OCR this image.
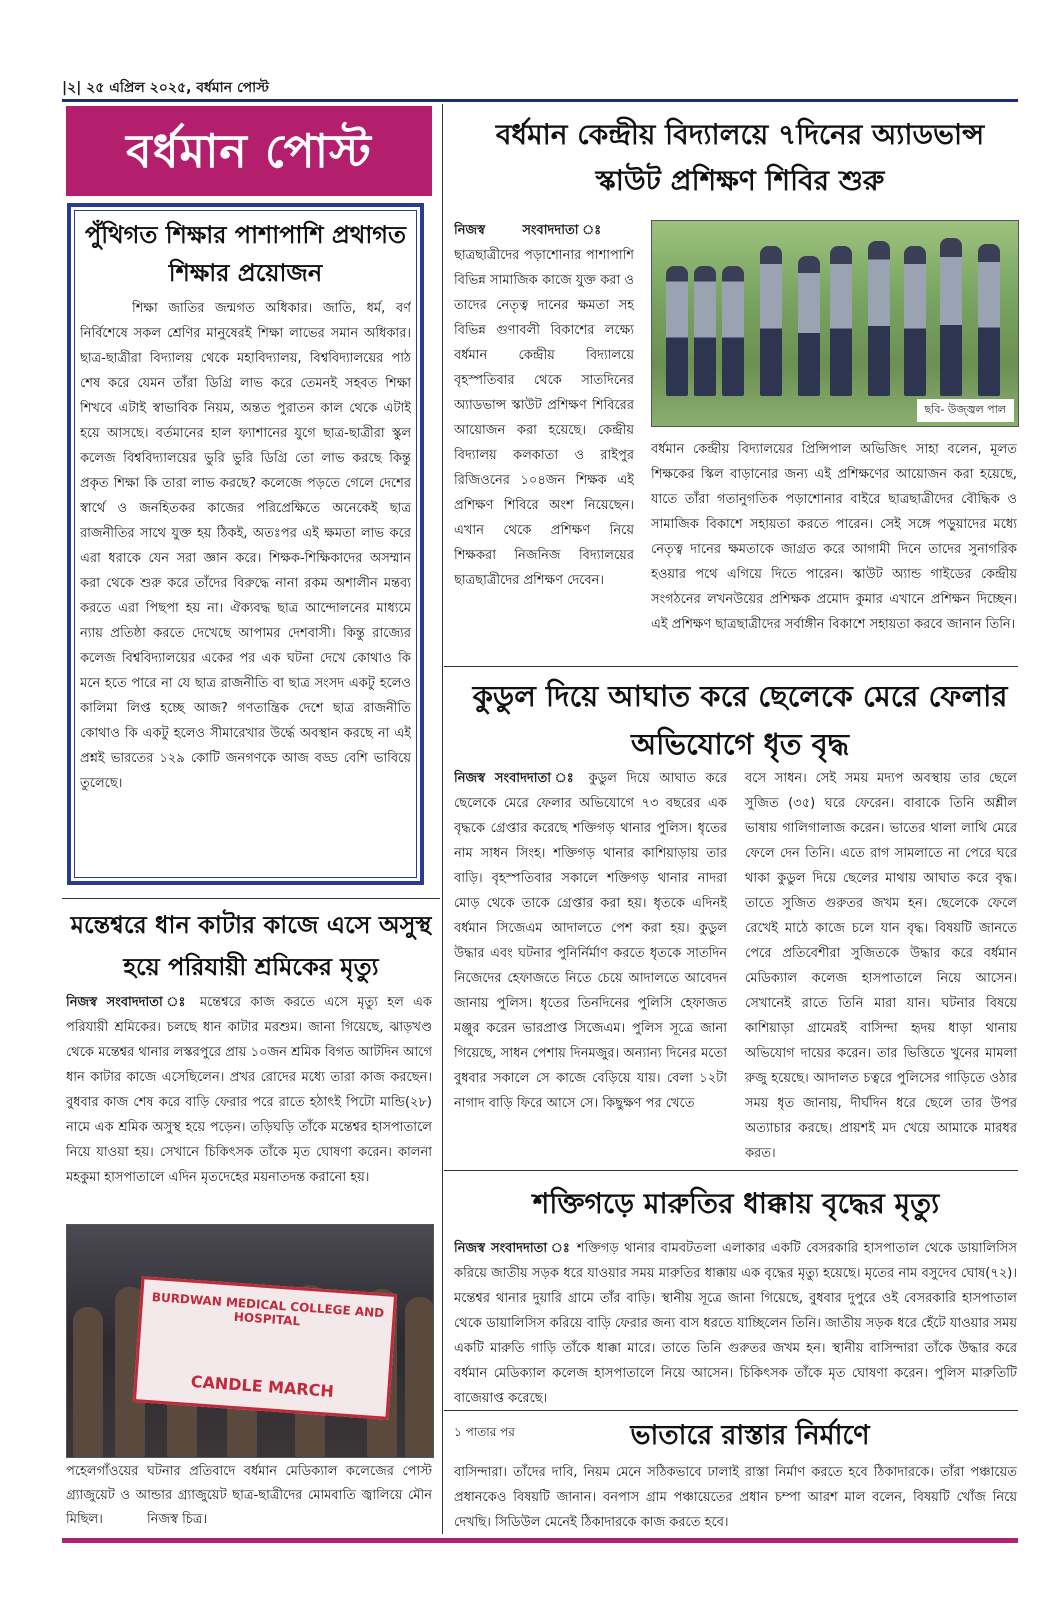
|২| ২৫ এপ্রিল ২০২৫, বর্ধমান পোস্ট
বর্ধমান পোস্ট
পুঁথিগত শিক্ষার পাশাপাশি প্রথাগত শিক্ষার প্রয়োজন

শিক্ষা জাতির জন্মগত অধিকার। জাতি, ধর্ম, বর্ণ নির্বিশেষে সকল শ্রেণির মানুষেরই শিক্ষা লাভের সমান অধিকার। ছাত্র-ছাত্রীরা বিদ্যালয় থেকে মহাবিদ্যালয়, বিশ্ববিদ্যালয়ের পাঠ শেষ করে যেমন তাঁরা ডিগ্রি লাভ করে তেমনই সহবত শিক্ষা শিখবে এটাই স্বাভাবিক নিয়ম, অন্তত পুরাতন কাল থেকে এটাই হয়ে আসছে। বর্তমানের হাল ফ্যাশানের যুগে ছাত্র-ছাত্রীরা স্কুল কলেজ বিশ্ববিদ্যালয়ের ভুরি ভুরি ডিগ্রি তো লাভ করছে কিন্তু প্রকৃত শিক্ষা কি তারা লাভ করছে? কলেজে পড়তে গেলে দেশের স্বার্থে ও জনহিতকর কাজের পরিপ্রেক্ষিতে অনেকেই ছাত্র রাজনীতির সাথে যুক্ত হয় ঠিকই, অতঃপর এই ক্ষমতা লাভ করে এরা ধরাকে যেন সরা জ্ঞান করে। শিক্ষক-শিক্ষিকাদের অসম্মান করা থেকে শুরু করে তাঁদের বিরুদ্ধে নানা রকম অশালীন মন্তব্য করতে এরা পিছপা হয় না। ঐক্যবদ্ধ ছাত্র আন্দোলনের মাধ্যমে ন্যায় প্রতিষ্ঠা করতে দেখেছে আপামর দেশবাসী। কিন্তু রাজ্যের কলেজ বিশ্ববিদ্যালয়ের একের পর এক ঘটনা দেখে কোথাও কি মনে হতে পারে না যে ছাত্র রাজনীতি বা ছাত্র সংসদ একটু হলেও কালিমা লিপ্ত হচ্ছে আজ? গণতান্ত্রিক দেশে ছাত্র রাজনীতি কোথাও কি একটু হলেও সীমারেখার উর্দ্ধে অবস্থান করছে না এই প্রশ্নই ভারতের ১২৯ কোটি জনগণকে আজ বড্ড বেশি ভাবিয়ে তুলেছে।

বর্ধমান কেন্দ্রীয় বিদ্যালয়ে ৭দিনের অ্যাডভান্স স্কাউট প্রশিক্ষণ শিবির শুরু

নিজস্ব সংবাদদাতা ঃ ছাত্রছাত্রীদের পড়াশোনার পাশাপাশি বিভিন্ন সামাজিক কাজে যুক্ত করা ও তাদের নেতৃত্ব দানের ক্ষমতা সহ বিভিন্ন গুণাবলী বিকাশের লক্ষ্যে বর্ধমান কেন্দ্রীয় বিদ্যালয়ে বৃহস্পতিবার থেকে সাতদিনের অ্যাডভান্স স্কাউট প্রশিক্ষণ শিবিরের আয়োজন করা হয়েছে। কেন্দ্রীয় বিদ্যালয় কলকাতা ও রাইপুর রিজিওনের ১০৪জন শিক্ষক এই প্রশিক্ষণ শিবিরে অংশ নিয়েছেন। এখান থেকে প্রশিক্ষণ নিয়ে শিক্ষকরা নিজনিজ বিদ্যালয়ের ছাত্রছাত্রীদের প্রশিক্ষণ দেবেন।

ছবি- উজ্জ্বল পাল

বর্ধমান কেন্দ্রীয় বিদ্যালয়ের প্রিন্সিপাল অভিজিৎ সাহা বলেন, মূলত শিক্ষকের স্কিল বাড়ানোর জন্য এই প্রশিক্ষণের আয়োজন করা হয়েছে, যাতে তাঁরা গতানুগতিক পড়াশোনার বাইরে ছাত্রছাত্রীদের বৌদ্ধিক ও সামাজিক বিকাশে সহায়তা করতে পারেন। সেই সঙ্গে পড়ুয়াদের মধ্যে নেতৃত্ব দানের ক্ষমতাকে জাগ্রত করে আগামী দিনে তাদের সুনাগরিক হওয়ার পথে এগিয়ে দিতে পারেন। স্কাউট অ্যান্ড গাইডের কেন্দ্রীয় সংগঠনের লখনউয়ের প্রশিক্ষক প্রমোদ কুমার এখানে প্রশিক্ষন দিচ্ছেন। এই প্রশিক্ষণ ছাত্রছাত্রীদের সর্বাঙ্গীন বিকাশে সহায়তা করবে জানান তিনি।

কুডুল দিয়ে আঘাত করে ছেলেকে মেরে ফেলার অভিযোগে ধৃত বৃদ্ধ

নিজস্ব সংবাদদাতা ঃ কুডুল দিয়ে আঘাত করে ছেলেকে মেরে ফেলার অভিযোগে ৭৩ বছরের এক বৃদ্ধকে গ্রেপ্তার করেছে শক্তিগড় থানার পুলিস। ধৃতের নাম সাধন সিংহ। শক্তিগড় থানার কাশিয়াড়ায় তার বাড়ি। বৃহস্পতিবার সকালে শক্তিগড় থানার নাদরা মোড় থেকে তাকে গ্রেপ্তার করা হয়। ধৃতকে এদিনই বর্ধমান সিজেএম আদালতে পেশ করা হয়। কুডুল উদ্ধার এবং ঘটনার পুনির্নির্মাণ করতে ধৃতকে সাতদিন নিজেদের হেফাজতে নিতে চেয়ে আদালতে আবেদন জানায় পুলিস। ধৃতের তিনদিনের পুলিসি হেফাজত মঞ্জুর করেন ভারপ্রাপ্ত সিজেএম। পুলিস সূত্রে জানা গিয়েছে, সাধন পেশায় দিনমজুর। অন্যান্য দিনের মতো বুধবার সকালে সে কাজে বেড়িয়ে যায়। বেলা ১২টা নাগাদ বাড়ি ফিরে আসে সে। কিছুক্ষণ পর খেতে

বসে সাধন। সেই সময় মদ্যপ অবস্থায় তার ছেলে সুজিত (৩৫) ঘরে ফেরেন। বাবাকে তিনি অশ্লীল ভাষায় গালিগালাজ করেন। ভাতের থালা লাথি মেরে ফেলে দেন তিনি। এতে রাগ সামলাতে না পেরে ঘরে থাকা কুডুল দিয়ে ছেলের মাথায় আঘাত করে বৃদ্ধ। তাতে সুজিত গুরুতর জখম হন। ছেলেকে ফেলে রেখেই মাঠে কাজে চলে যান বৃদ্ধ। বিষয়টি জানতে পেরে প্রতিবেশীরা সুজিতকে উদ্ধার করে বর্ধমান মেডিক্যাল কলেজ হাসপাতালে নিয়ে আসেন। সেখানেই রাতে তিনি মারা যান। ঘটনার বিষয়ে কাশিয়াড়া গ্রামেরই বাসিন্দা হৃদয় ধাড়া থানায় অভিযোগ দায়ের করেন। তার ভিত্তিতে খুনের মামলা রুজু হয়েছে। আদালত চত্বরে পুলিসের গাড়িতে ওঠার সময় ধৃত জানায়, দীর্ঘদিন ধরে ছেলে তার উপর অত্যাচার করছে। প্রায়শই মদ খেয়ে আমাকে মারধর করত।

মন্তেশ্বরে ধান কাটার কাজে এসে অসুস্থ হয়ে পরিযায়ী শ্রমিকের মৃত্যু

নিজস্ব সংবাদদাতা ঃ মন্তেশ্বরে কাজ করতে এসে মৃত্যু হল এক পরিযায়ী শ্রমিকের। চলছে ধান কাটার মরশুম। জানা গিয়েছে, ঝাড়খণ্ড থেকে মন্তেশ্বর থানার লস্করপুরে প্রায় ১০জন শ্রমিক বিগত আটদিন আগে ধান কাটার কাজে এসেছিলেন। প্রখর রোদের মধ্যে তারা কাজ করছেন। বুধবার কাজ শেষ করে বাড়ি ফেরার পরে রাতে হঠাৎই পিটো মান্ডি(২৮) নামে এক শ্রমিক অসুস্থ হয়ে পড়েন। তড়িঘড়ি তাঁকে মন্তেশ্বর হাসপাতালে নিয়ে যাওয়া হয়। সেখানে চিকিৎসক তাঁকে মৃত ঘোষণা করেন। কালনা মহকুমা হাসপাতালে এদিন মৃতদেহের ময়নাতদন্ত করানো হয়।

BURDWAN MEDICAL COLLEGE AND HOSPITAL
CANDLE MARCH

পহেলগাঁওয়ের ঘটনার প্রতিবাদে বর্ধমান মেডিক্যাল কলেজের পোস্ট গ্র্যাজুয়েট ও আন্ডার গ্র্যাজুয়েট ছাত্র-ছাত্রীদের মোমবাতি জ্বালিয়ে মৌন মিছিল।	নিজস্ব চিত্র।

শক্তিগড়ে মারুতির ধাক্কায় বৃদ্ধের মৃত্যু

নিজস্ব সংবাদদাতা ঃ শক্তিগড় থানার বামবটতলা এলাকার একটি বেসরকারি হাসপাতাল থেকে ডায়ালিসিস করিয়ে জাতীয় সড়ক ধরে যাওয়ার সময় মারুতির ধাক্কায় এক বৃদ্ধের মৃত্যু হয়েছে। মৃতের নাম বসুদেব ঘোষ(৭২)। মন্তেশ্বর থানার দুয়ারি গ্রামে তাঁর বাড়ি। স্থানীয় সূত্রে জানা গিয়েছে, বুধবার দুপুরে ওই বেসরকারি হাসপাতাল থেকে ডায়ালিসিস করিয়ে বাড়ি ফেরার জন্য বাস ধরতে যাচ্ছিলেন তিনি। জাতীয় সড়ক ধরে হেঁটে যাওয়ার সময় একটি মারুতি গাড়ি তাঁকে ধাক্কা মারে। তাতে তিনি গুরুতর জখম হন। স্থানীয় বাসিন্দারা তাঁকে উদ্ধার করে বর্ধমান মেডিক্যাল কলেজ হাসপাতালে নিয়ে আসেন। চিকিৎসক তাঁকে মৃত ঘোষণা করেন। পুলিস মারুতিটি বাজেয়াপ্ত করেছে।

১ পাতার পর	ভাতারে রাস্তার নির্মাণে

বাসিন্দারা। তাঁদের দাবি, নিয়ম মেনে সঠিকভাবে ঢালাই রাস্তা নির্মাণ করতে হবে ঠিকাদারকে। তাঁরা পঞ্চায়েত প্রধানকেও বিষয়টি জানান। বনপাস গ্রাম পঞ্চায়েতের প্রধান চম্পা আরশ মাল বলেন, বিষয়টি খোঁজ নিয়ে দেখছি। সিডিউল মেনেই ঠিকাদারকে কাজ করতে হবে।
